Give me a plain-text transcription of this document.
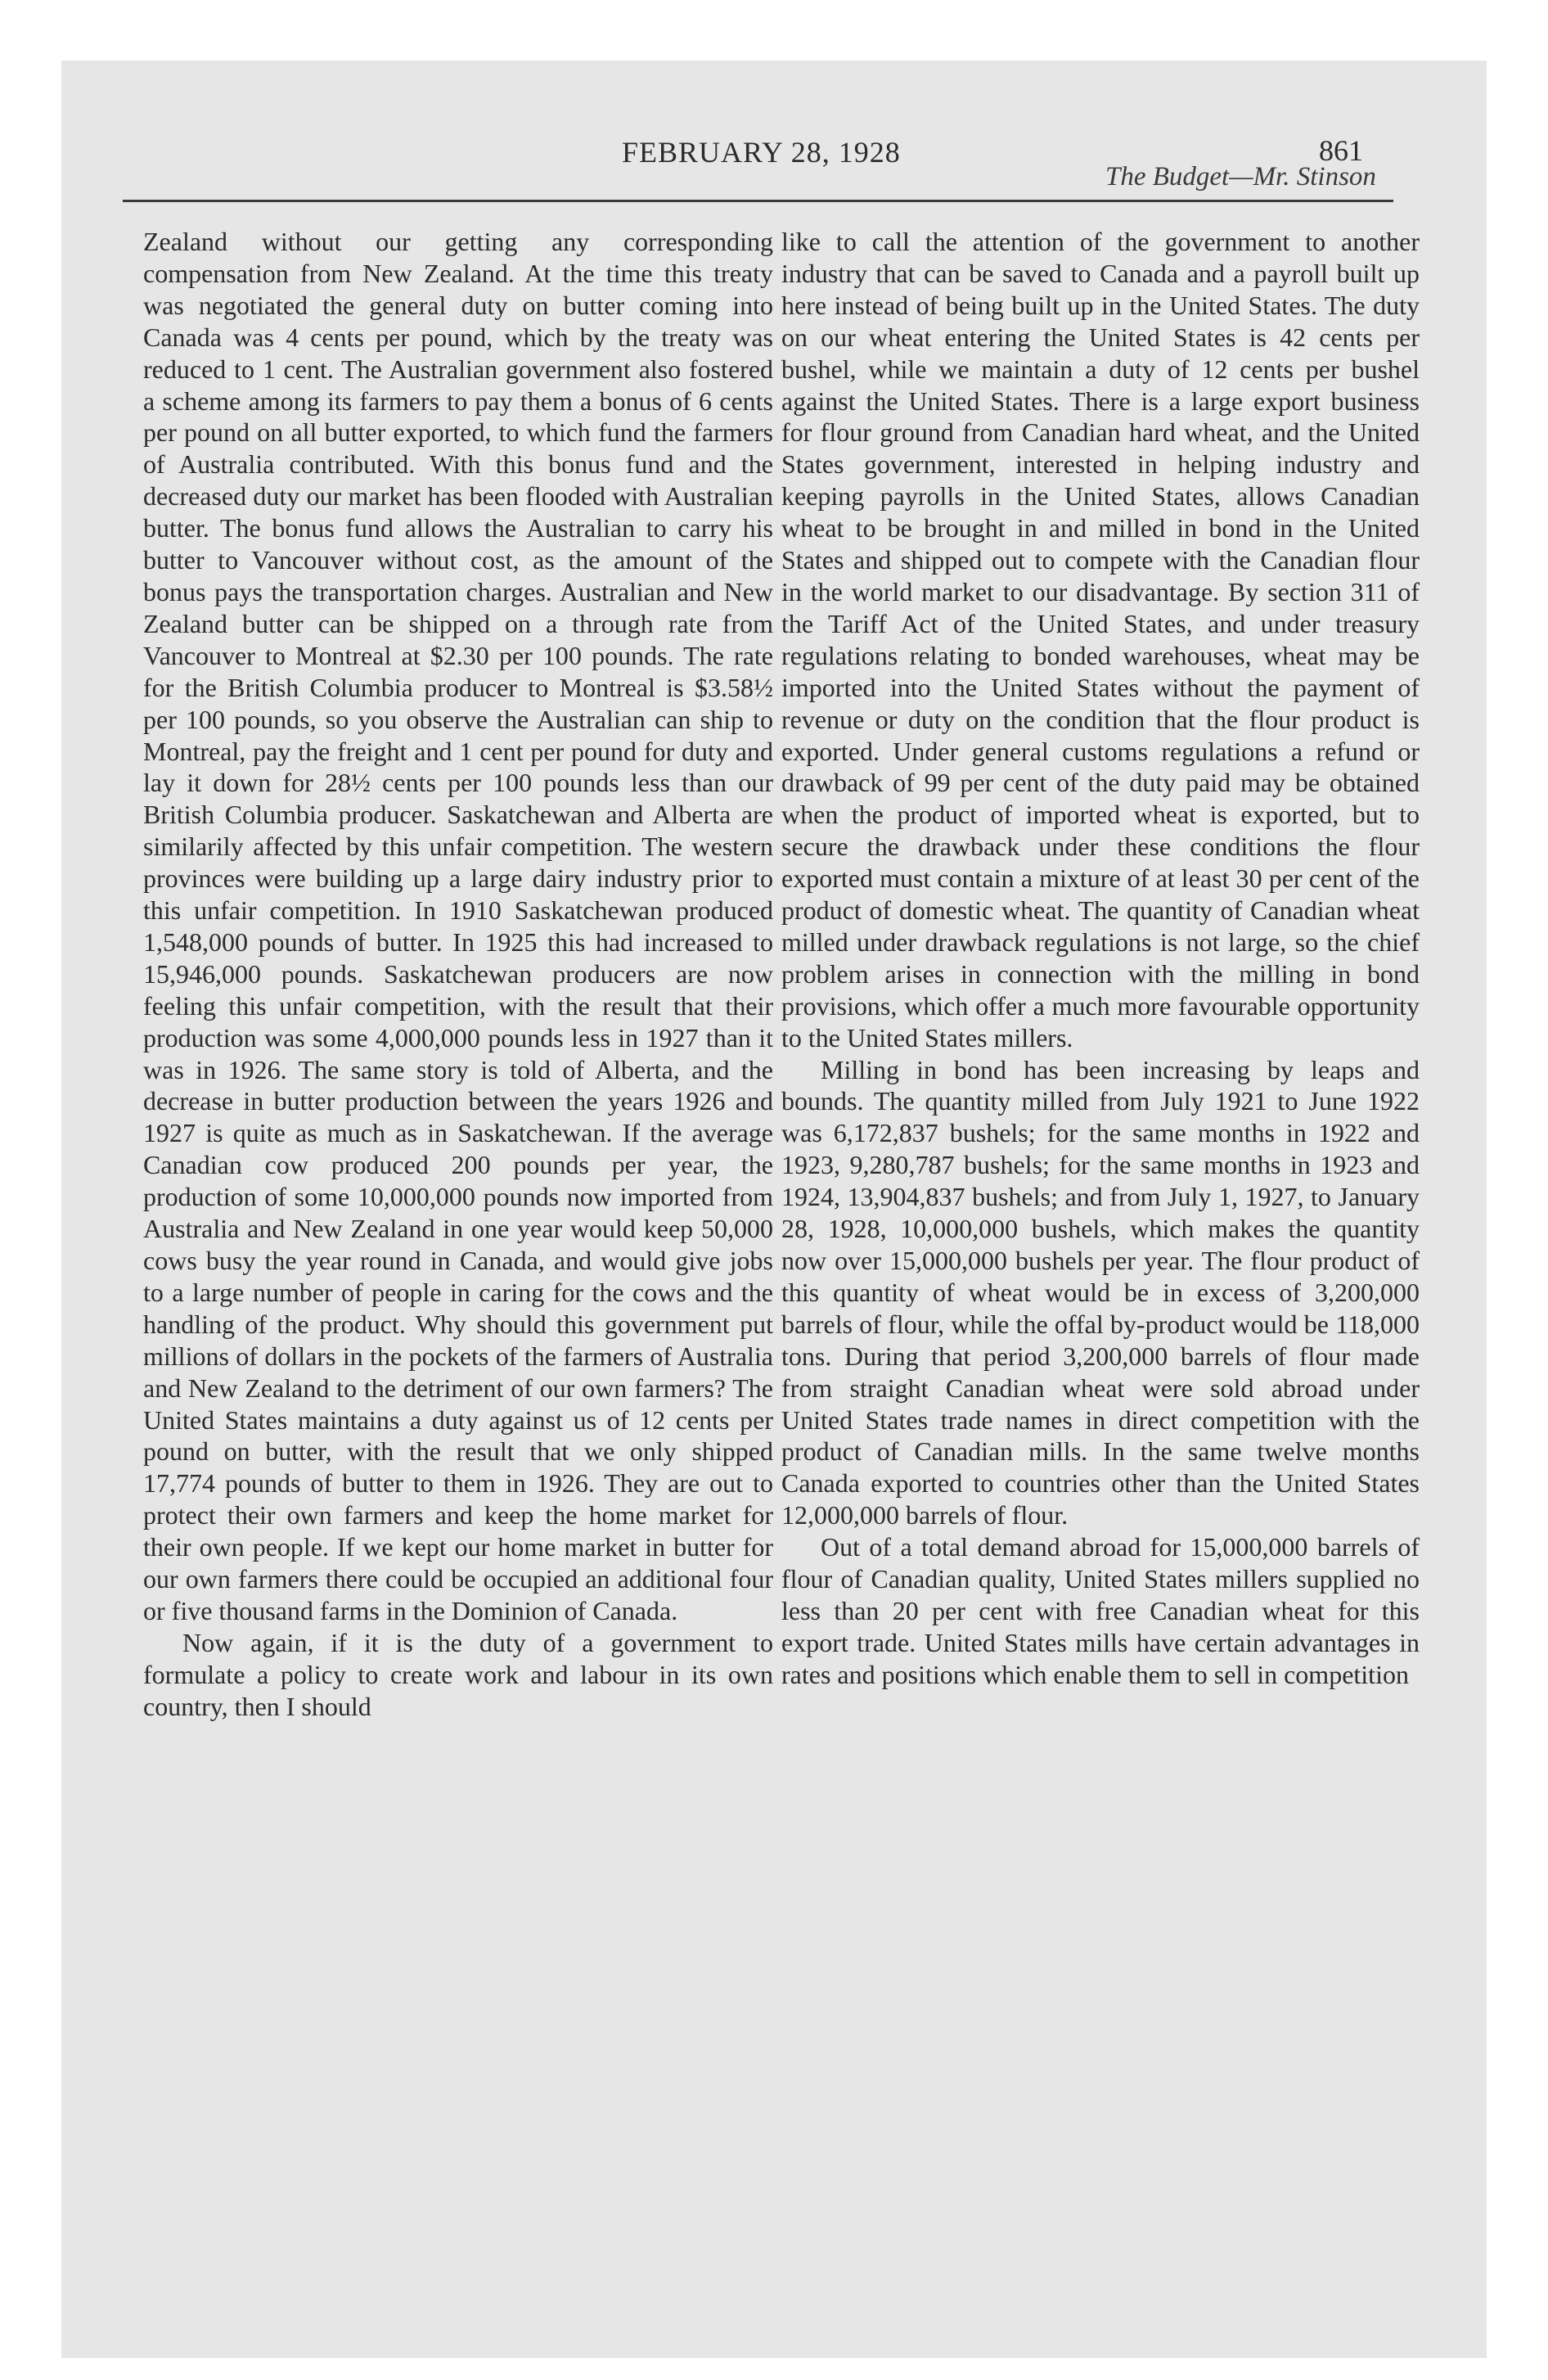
FEBRUARY 28, 1928	861
The Budget—Mr. Stinson

Zealand without our getting any corresponding compensation from New Zealand. At the time this treaty was negotiated the general duty on butter coming into Canada was 4 cents per pound, which by the treaty was reduced to 1 cent. The Australian government also fostered a scheme among its farmers to pay them a bonus of 6 cents per pound on all butter exported, to which fund the farmers of Australia contributed. With this bonus fund and the decreased duty our market has been flooded with Australian butter. The bonus fund allows the Australian to carry his butter to Vancouver without cost, as the amount of the bonus pays the transportation charges. Australian and New Zealand butter can be shipped on a through rate from Vancouver to Montreal at $2.30 per 100 pounds. The rate for the British Columbia producer to Montreal is $3.58½ per 100 pounds, so you observe the Australian can ship to Montreal, pay the freight and 1 cent per pound for duty and lay it down for 28½ cents per 100 pounds less than our British Columbia producer. Saskatchewan and Alberta are similarily affected by this unfair competition. The western provinces were building up a large dairy industry prior to this unfair competition. In 1910 Saskatchewan produced 1,548,000 pounds of butter. In 1925 this had increased to 15,946,000 pounds. Saskatchewan producers are now feeling this unfair competition, with the result that their production was some 4,000,000 pounds less in 1927 than it was in 1926. The same story is told of Alberta, and the decrease in butter production between the years 1926 and 1927 is quite as much as in Saskatchewan. If the average Canadian cow produced 200 pounds per year, the production of some 10,000,000 pounds now imported from Australia and New Zealand in one year would keep 50,000 cows busy the year round in Canada, and would give jobs to a large number of people in caring for the cows and the handling of the product. Why should this government put millions of dollars in the pockets of the farmers of Australia and New Zealand to the detriment of our own farmers? The United States maintains a duty against us of 12 cents per pound on butter, with the result that we only shipped 17,774 pounds of butter to them in 1926. They are out to protect their own farmers and keep the home market for their own people. If we kept our home market in butter for our own farmers there could be occupied an additional four or five thousand farms in the Dominion of Canada.

Now again, if it is the duty of a government to formulate a policy to create work and labour in its own country, then I should

like to call the attention of the government to another industry that can be saved to Canada and a payroll built up here instead of being built up in the United States. The duty on our wheat entering the United States is 42 cents per bushel, while we maintain a duty of 12 cents per bushel against the United States. There is a large export business for flour ground from Canadian hard wheat, and the United States government, interested in helping industry and keeping payrolls in the United States, allows Canadian wheat to be brought in and milled in bond in the United States and shipped out to compete with the Canadian flour in the world market to our disadvantage. By section 311 of the Tariff Act of the United States, and under treasury regulations relating to bonded warehouses, wheat may be imported into the United States without the payment of revenue or duty on the condition that the flour product is exported. Under general customs regulations a refund or drawback of 99 per cent of the duty paid may be obtained when the product of imported wheat is exported, but to secure the drawback under these conditions the flour exported must contain a mixture of at least 30 per cent of the product of domestic wheat. The quantity of Canadian wheat milled under drawback regulations is not large, so the chief problem arises in connection with the milling in bond provisions, which offer a much more favourable opportunity to the United States millers.

Milling in bond has been increasing by leaps and bounds. The quantity milled from July 1921 to June 1922 was 6,172,837 bushels; for the same months in 1922 and 1923, 9,280,787 bushels; for the same months in 1923 and 1924, 13,904,837 bushels; and from July 1, 1927, to January 28, 1928, 10,000,000 bushels, which makes the quantity now over 15,000,000 bushels per year. The flour product of this quantity of wheat would be in excess of 3,200,000 barrels of flour, while the offal by-product would be 118,000 tons. During that period 3,200,000 barrels of flour made from straight Canadian wheat were sold abroad under United States trade names in direct competition with the product of Canadian mills. In the same twelve months Canada exported to countries other than the United States 12,000,000 barrels of flour.

Out of a total demand abroad for 15,000,000 barrels of flour of Canadian quality, United States millers supplied no less than 20 per cent with free Canadian wheat for this export trade. United States mills have certain advantages in rates and positions which enable them to sell in competition
